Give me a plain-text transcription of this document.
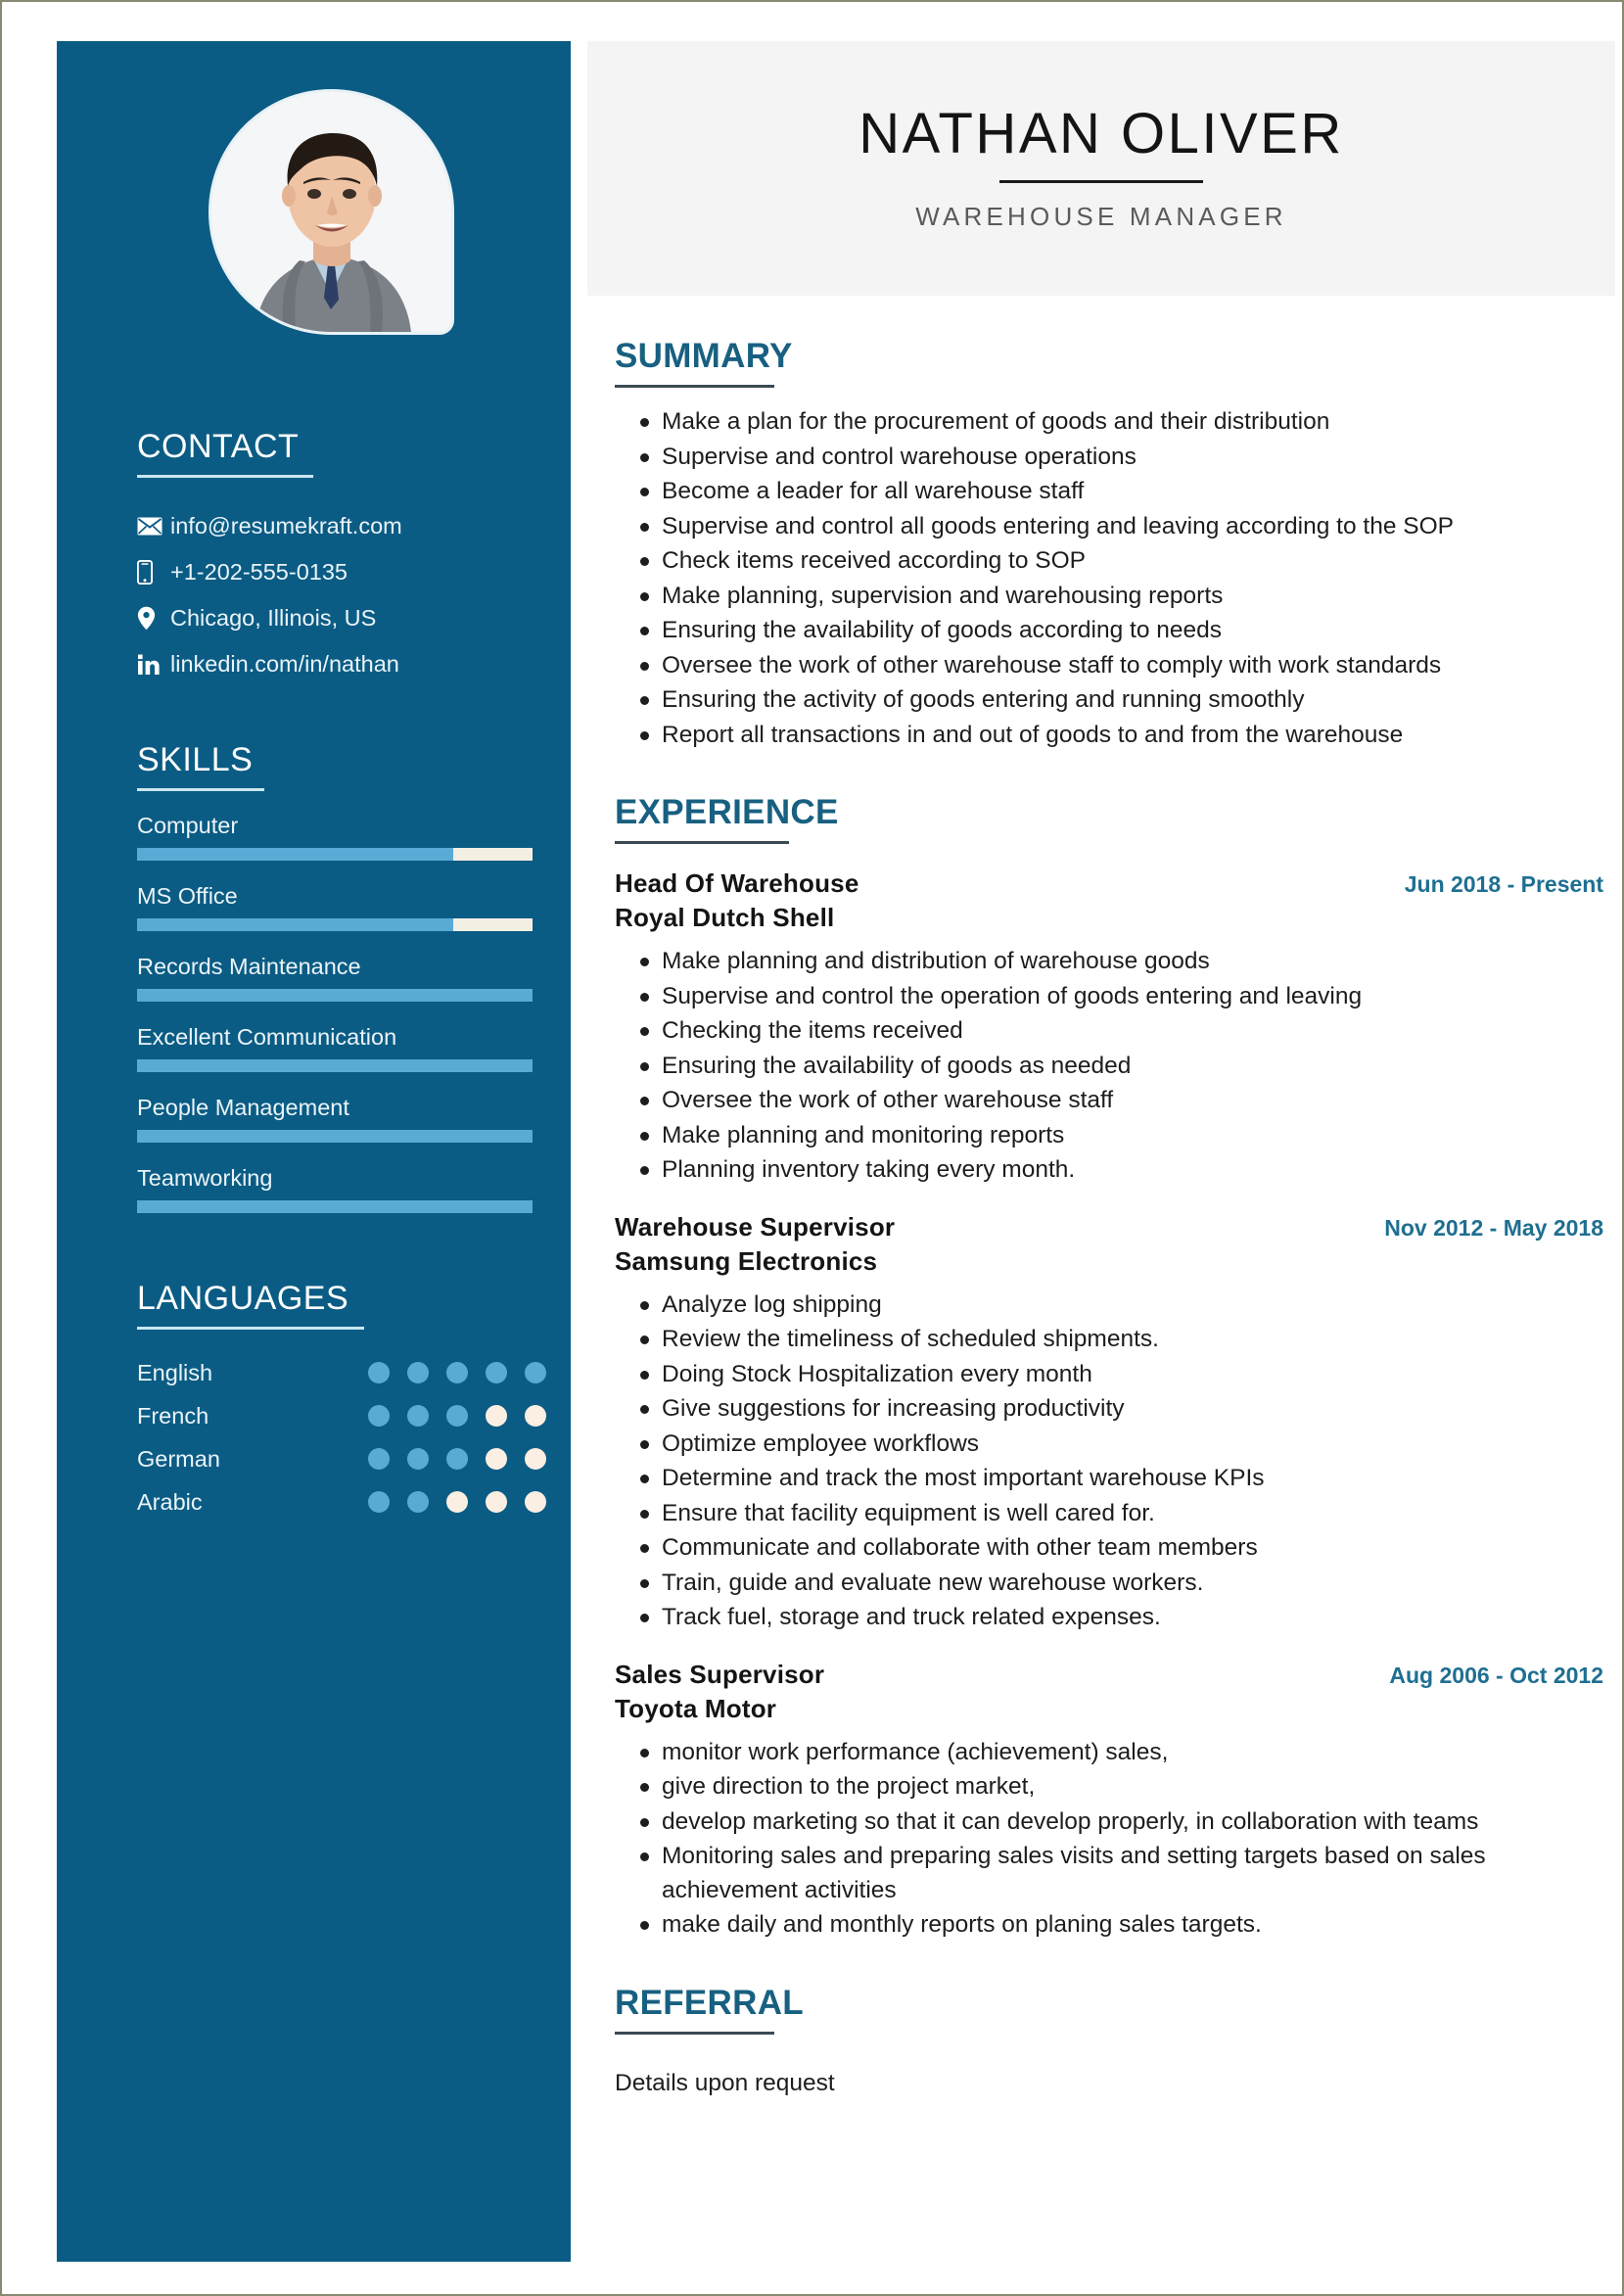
CONTACT
info@resumekraft.com
+1-202-555-0135
Chicago, Illinois, US
linkedin.com/in/nathan
SKILLS
Computer
MS Office
Records Maintenance
Excellent Communication
People Management
Teamworking
LANGUAGES
English
French
German
Arabic
NATHAN OLIVER
WAREHOUSE MANAGER
SUMMARY
Make a plan for the procurement of goods and their distribution
Supervise and control warehouse operations
Become a leader for all warehouse staff
Supervise and control all goods entering and leaving according to the SOP
Check items received according to SOP
Make planning, supervision and warehousing reports
Ensuring the availability of goods according to needs
Oversee the work of other warehouse staff to comply with work standards
Ensuring the activity of goods entering and running smoothly
Report all transactions in and out of goods to and from the warehouse
EXPERIENCE
Head Of Warehouse	Jun 2018 - Present
Royal Dutch Shell
Make planning and distribution of warehouse goods
Supervise and control the operation of goods entering and leaving
Checking the items received
Ensuring the availability of goods as needed
Oversee the work of other warehouse staff
Make planning and monitoring reports
Planning inventory taking every month.
Warehouse Supervisor	Nov 2012 - May 2018
Samsung Electronics
Analyze log shipping
Review the timeliness of scheduled shipments.
Doing Stock Hospitalization every month
Give suggestions for increasing productivity
Optimize employee workflows
Determine and track the most important warehouse KPIs
Ensure that facility equipment is well cared for.
Communicate and collaborate with other team members
Train, guide and evaluate new warehouse workers.
Track fuel, storage and truck related expenses.
Sales Supervisor	Aug 2006 - Oct 2012
Toyota Motor
monitor work performance (achievement) sales,
give direction to the project market,
develop marketing so that it can develop properly, in collaboration with teams
Monitoring sales and preparing sales visits and setting targets based on sales achievement activities
make daily and monthly reports on planing sales targets.
REFERRAL
Details upon request
